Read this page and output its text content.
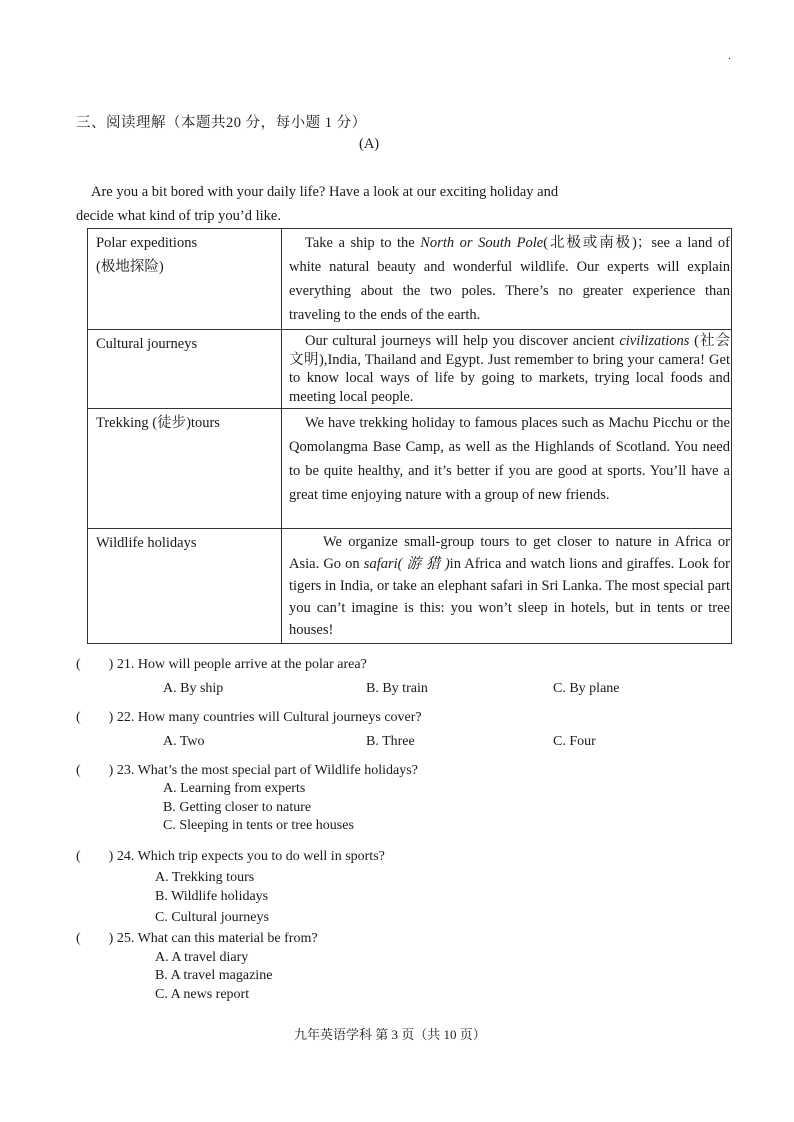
.
三、阅读理解（本题共20 分，每小题 1 分）
(A)
Are you a bit bored with your daily life? Have a look at our exciting holiday and
decide what kind of trip you’d like.
Polar expeditions
(极地探险)	Take a ship to the North or South Pole(北极或南极)；see a land of white natural beauty and wonderful wildlife. Our experts will explain everything about the two poles. There’s no greater experience than traveling to the ends of the earth.

Cultural journeys	Our cultural journeys will help you discover ancient civilizations (社会文明),India, Thailand and Egypt. Just remember to bring your camera! Get to know local ways of life by going to markets, trying local foods and meeting local people.

Trekking (徒步)tours	We have trekking holiday to famous places such as Machu Picchu or the Qomolangma Base Camp, as well as the Highlands of Scotland. You need to be quite healthy, and it’s better if you are good at sports. You’ll have a great time enjoying nature with a group of new friends.

Wildlife holidays	We organize small-group tours to get closer to nature in Africa or Asia. Go on safari( 游 猎 )in Africa and watch lions and giraffes. Look for tigers in India, or take an elephant safari in Sri Lanka. The most special part you can’t imagine is this: you won’t sleep in hotels, but in tents or tree houses!
(        ) 21. How will people arrive at the polar area?
A. By ship	B. By train	C. By plane
(        ) 22. How many countries will Cultural journeys cover?
A. Two	B. Three	C. Four
(        ) 23. What’s the most special part of Wildlife holidays?
A. Learning from experts
B. Getting closer to nature
C. Sleeping in tents or tree houses
(        ) 24. Which trip expects you to do well in sports?
A. Trekking tours
B. Wildlife holidays
C. Cultural journeys
(        ) 25. What can this material be from?
A. A travel diary
B. A travel magazine
C. A news report
九年英语学科 第 3 页（共 10 页）
